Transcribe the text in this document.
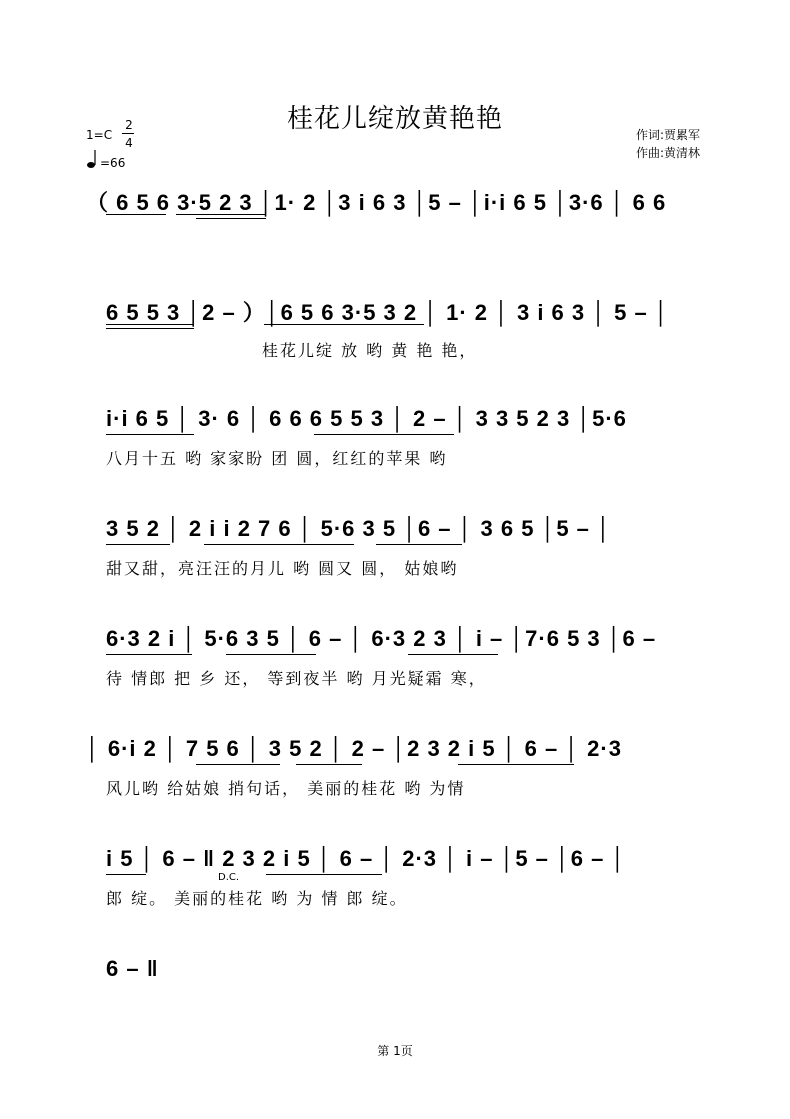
桂花儿绽放黄艳艳
1=C
2
4
=66
作词:贾累军
作曲:黄清林
（ 6 5 6 3·5 2 3 │1· 2 │3 i 6 3 │5 – │i·i 6 5 │3·6 │ 6 6
6 5 5 3 │2 – ）│6 5 6 3·5 3 2 │ 1· 2 │ 3 i 6 3 │ 5 – │
桂花儿绽 放 哟 黄 艳 艳，
i·i 6 5 │ 3· 6 │ 6 6 6 5 5 3 │ 2 – │ 3 3 5 2 3 │5·6
八月十五 哟 家家盼 团 圆，红红的苹果 哟
3 5 2 │ 2 i i 2 7 6 │ 5·6 3 5 │6 – │ 3 6 5 │5 – │
甜又甜，亮汪汪的月儿 哟 圆又 圆， 姑娘哟
6·3 2 i │ 5·6 3 5 │ 6 – │ 6·3 2 3 │ i – │7·6 5 3 │6 –
待 情郎 把 乡 还， 等到夜半 哟 月光疑霜 寒，
│ 6·i 2 │ 7 5 6 │ 3 5 2 │ 2 – │2 3 2 i 5 │ 6 – │ 2·3
风儿哟 给姑娘 捎句话， 美丽的桂花 哟 为情
i 5 │ 6 – ‖ 2 3 2 i 5 │ 6 – │ 2·3 │ i – │5 – │6 – │
D.C.
郎 绽。 美丽的桂花 哟 为 情 郎 绽。
6 – ‖
第 1页
